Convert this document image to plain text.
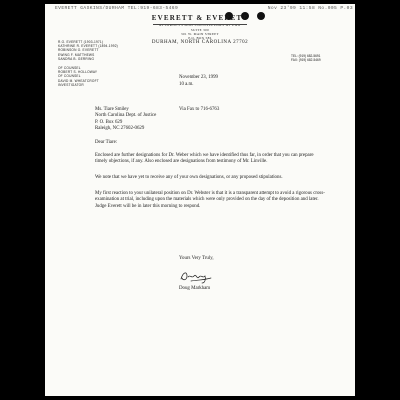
EVERETT GASKINS/DURHAM TEL:919-683-5469	Nov 23'99 11:58 No.005 P.03
EVERETT & EVERETT
ATTORNEYS AND COUNSELLORS AT LAW
SUITE 300
301 W. MAIN STREET
P.O. BOX 586
DURHAM, NORTH CAROLINA 27702
R.O. EVERETT (1903-1971)
KATHRINE R. EVERETT (1894-1992)
ROBINSON O. EVERETT
EWING F. MATTHEWS
SANDRA B. GERRING
OF COUNSEL
ROBERT S. HOLLOWAY
OF COUNSEL
DAVID M. WHEATCROFT
INVESTIGATOR
TEL: (919) 682-5691
FAX: (919) 682-5469
November 23, 1999
10 a.m.
Ms. Tiare Smiley
North Carolina Dept. of Justice
P. O. Box 629
Raleigh, NC 27602-0629
Via Fax to 716-6763
Dear Tiare:
Enclosed are further designations for Dr. Weber which we have identified thus far, in order that you can prepare timely objections, if any. Also enclosed are designations from testimony of Mr. Linville.
We note that we have yet to receive any of your own designations, or any proposed stipulations.
My first reaction to your unilateral position on Dr. Webster is that it is a transparent attempt to avoid a rigorous cross-examination at trial, including upon the materials which were only provided on the day of the deposition and later. Judge Everett will be in later this morning to respond.
Yours Very Truly,
Doug Markham
